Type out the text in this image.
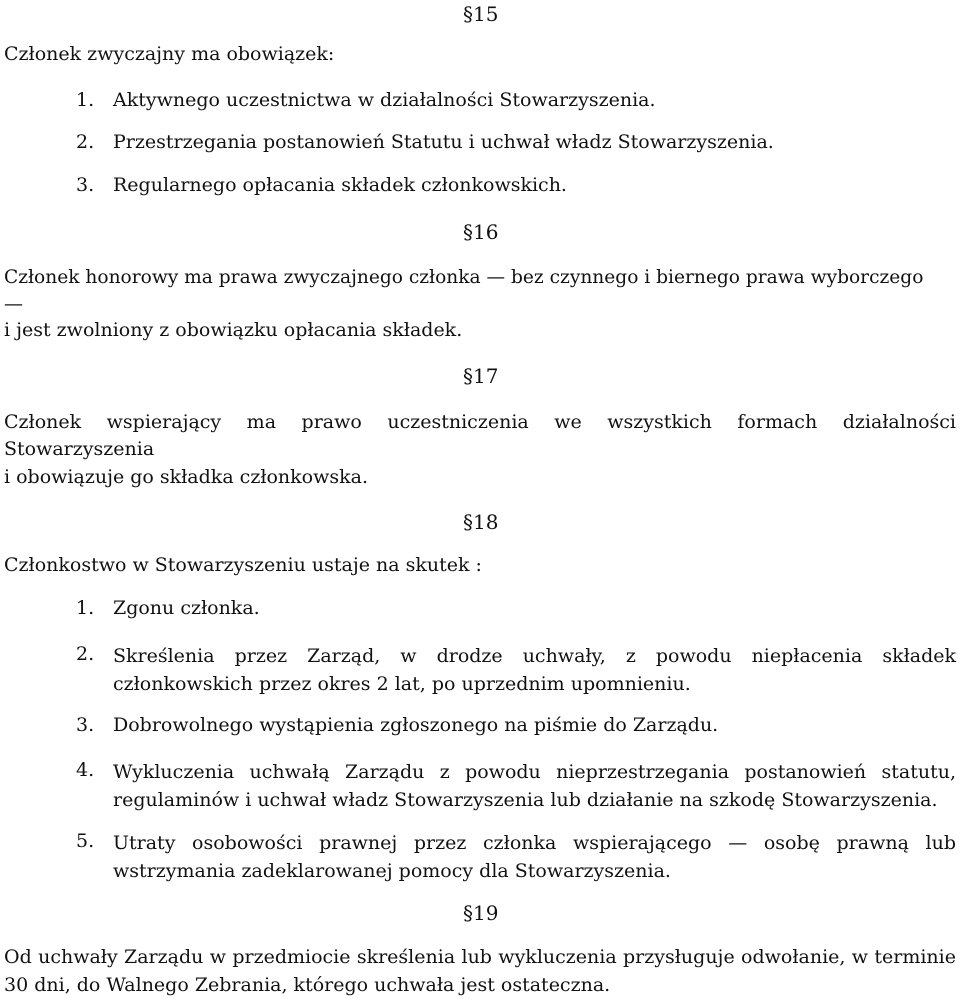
§15
Członek zwyczajny ma obowiązek:
1. Aktywnego uczestnictwa w działalności Stowarzyszenia.
2. Przestrzegania postanowień Statutu i uchwał władz Stowarzyszenia.
3. Regularnego opłacania składek członkowskich.
§16
Członek honorowy ma prawa zwyczajnego członka — bez czynnego i biernego prawa wyborczego
—
i jest zwolniony z obowiązku opłacania składek.
§17
Członek wspierający ma prawo uczestniczenia we wszystkich formach działalności
Stowarzyszenia
i obowiązuje go składka członkowska.
§18
Członkostwo w Stowarzyszeniu ustaje na skutek :
1. Zgonu członka.
2. Skreślenia przez Zarząd, w drodze uchwały, z powodu niepłacenia składek członkowskich przez okres 2 lat, po uprzednim upomnieniu.
3. Dobrowolnego wystąpienia zgłoszonego na piśmie do Zarządu.
4. Wykluczenia uchwałą Zarządu z powodu nieprzestrzegania postanowień statutu, regulaminów i uchwał władz Stowarzyszenia lub działanie na szkodę Stowarzyszenia.
5. Utraty osobowości prawnej przez członka wspierającego — osobę prawną lub wstrzymania zadeklarowanej pomocy dla Stowarzyszenia.
§19
Od uchwały Zarządu w przedmiocie skreślenia lub wykluczenia przysługuje odwołanie, w terminie 30 dni, do Walnego Zebrania, którego uchwała jest ostateczna.
